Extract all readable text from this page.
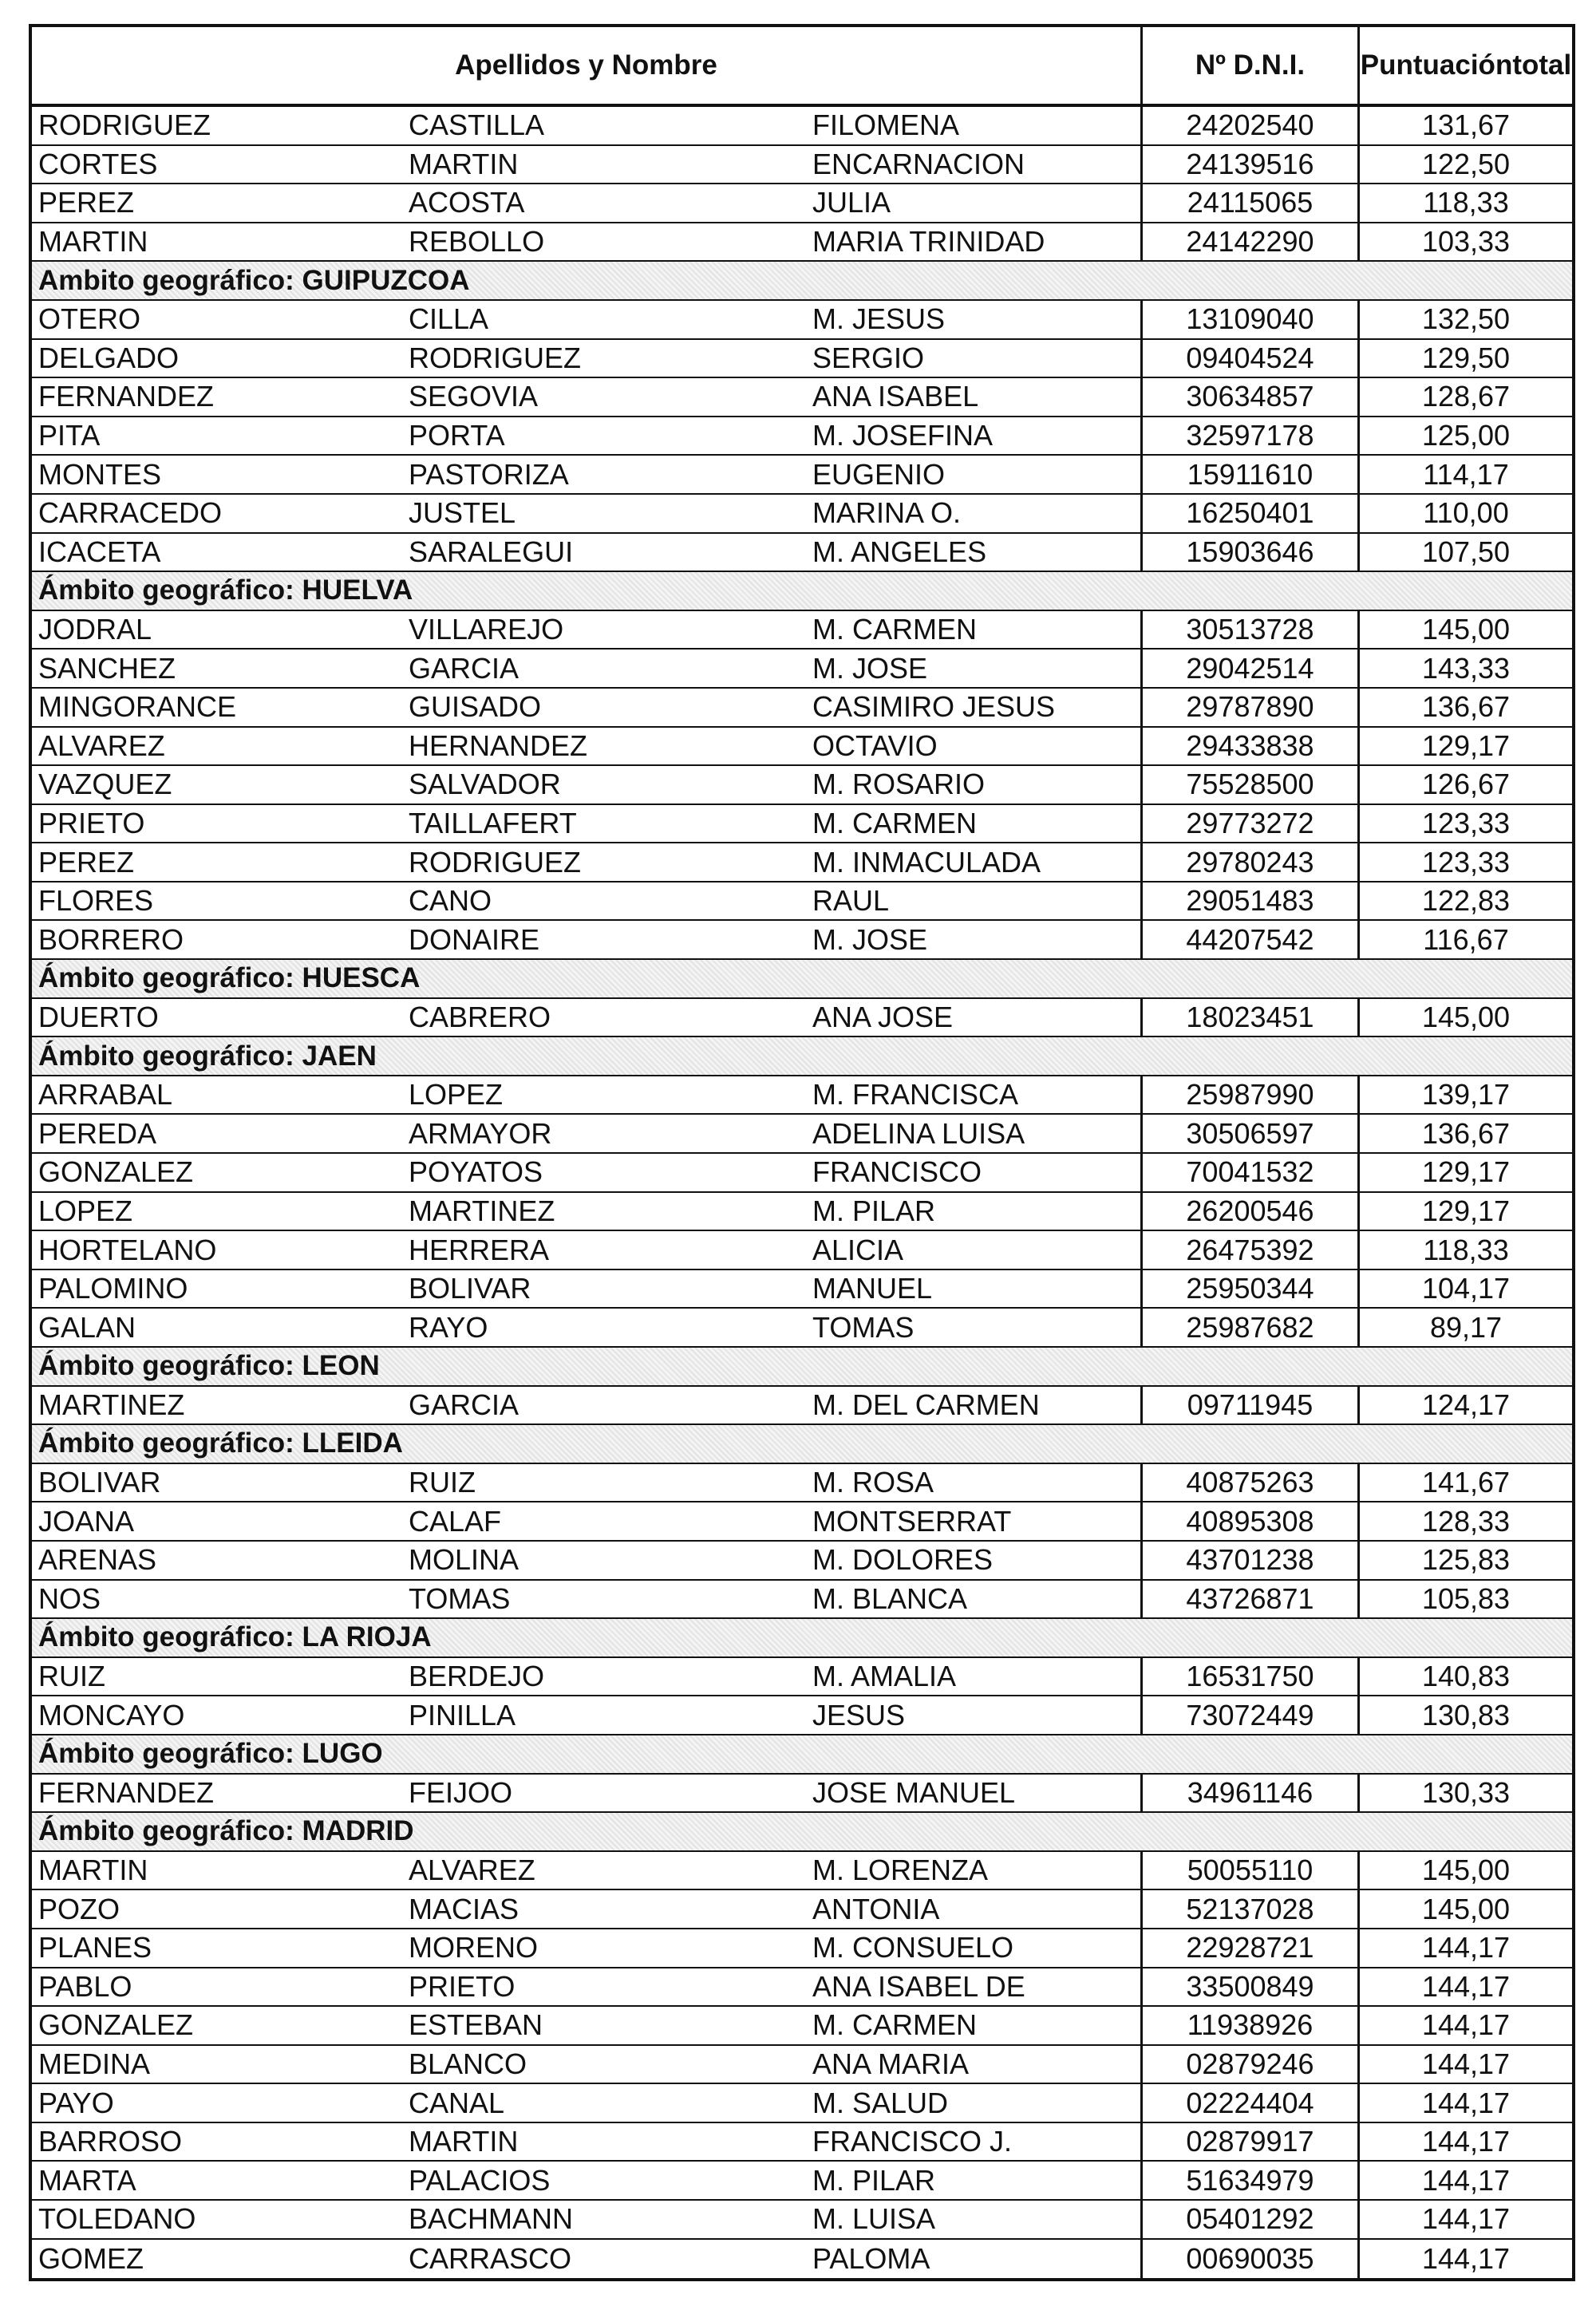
Apellidos y Nombre	Nº D.N.I.	Puntuación total
RODRIGUEZ	CASTILLA	FILOMENA	24202540	131,67
CORTES	MARTIN	ENCARNACION	24139516	122,50
PEREZ	ACOSTA	JULIA	24115065	118,33
MARTIN	REBOLLO	MARIA TRINIDAD	24142290	103,33
Ambito geográfico: GUIPUZCOA
OTERO	CILLA	M. JESUS	13109040	132,50
DELGADO	RODRIGUEZ	SERGIO	09404524	129,50
FERNANDEZ	SEGOVIA	ANA ISABEL	30634857	128,67
PITA	PORTA	M. JOSEFINA	32597178	125,00
MONTES	PASTORIZA	EUGENIO	15911610	114,17
CARRACEDO	JUSTEL	MARINA O.	16250401	110,00
ICACETA	SARALEGUI	M. ANGELES	15903646	107,50
Ámbito geográfico: HUELVA
JODRAL	VILLAREJO	M. CARMEN	30513728	145,00
SANCHEZ	GARCIA	M. JOSE	29042514	143,33
MINGORANCE	GUISADO	CASIMIRO JESUS	29787890	136,67
ALVAREZ	HERNANDEZ	OCTAVIO	29433838	129,17
VAZQUEZ	SALVADOR	M. ROSARIO	75528500	126,67
PRIETO	TAILLAFERT	M. CARMEN	29773272	123,33
PEREZ	RODRIGUEZ	M. INMACULADA	29780243	123,33
FLORES	CANO	RAUL	29051483	122,83
BORRERO	DONAIRE	M. JOSE	44207542	116,67
Ámbito geográfico: HUESCA
DUERTO	CABRERO	ANA JOSE	18023451	145,00
Ámbito geográfico: JAEN
ARRABAL	LOPEZ	M. FRANCISCA	25987990	139,17
PEREDA	ARMAYOR	ADELINA LUISA	30506597	136,67
GONZALEZ	POYATOS	FRANCISCO	70041532	129,17
LOPEZ	MARTINEZ	M. PILAR	26200546	129,17
HORTELANO	HERRERA	ALICIA	26475392	118,33
PALOMINO	BOLIVAR	MANUEL	25950344	104,17
GALAN	RAYO	TOMAS	25987682	89,17
Ámbito geográfico: LEON
MARTINEZ	GARCIA	M. DEL CARMEN	09711945	124,17
Ámbito geográfico: LLEIDA
BOLIVAR	RUIZ	M. ROSA	40875263	141,67
JOANA	CALAF	MONTSERRAT	40895308	128,33
ARENAS	MOLINA	M. DOLORES	43701238	125,83
NOS	TOMAS	M. BLANCA	43726871	105,83
Ámbito geográfico: LA RIOJA
RUIZ	BERDEJO	M. AMALIA	16531750	140,83
MONCAYO	PINILLA	JESUS	73072449	130,83
Ámbito geográfico: LUGO
FERNANDEZ	FEIJOO	JOSE MANUEL	34961146	130,33
Ámbito geográfico: MADRID
MARTIN	ALVAREZ	M. LORENZA	50055110	145,00
POZO	MACIAS	ANTONIA	52137028	145,00
PLANES	MORENO	M. CONSUELO	22928721	144,17
PABLO	PRIETO	ANA ISABEL DE	33500849	144,17
GONZALEZ	ESTEBAN	M. CARMEN	11938926	144,17
MEDINA	BLANCO	ANA MARIA	02879246	144,17
PAYO	CANAL	M. SALUD	02224404	144,17
BARROSO	MARTIN	FRANCISCO J.	02879917	144,17
MARTA	PALACIOS	M. PILAR	51634979	144,17
TOLEDANO	BACHMANN	M. LUISA	05401292	144,17
GOMEZ	CARRASCO	PALOMA	00690035	144,17
